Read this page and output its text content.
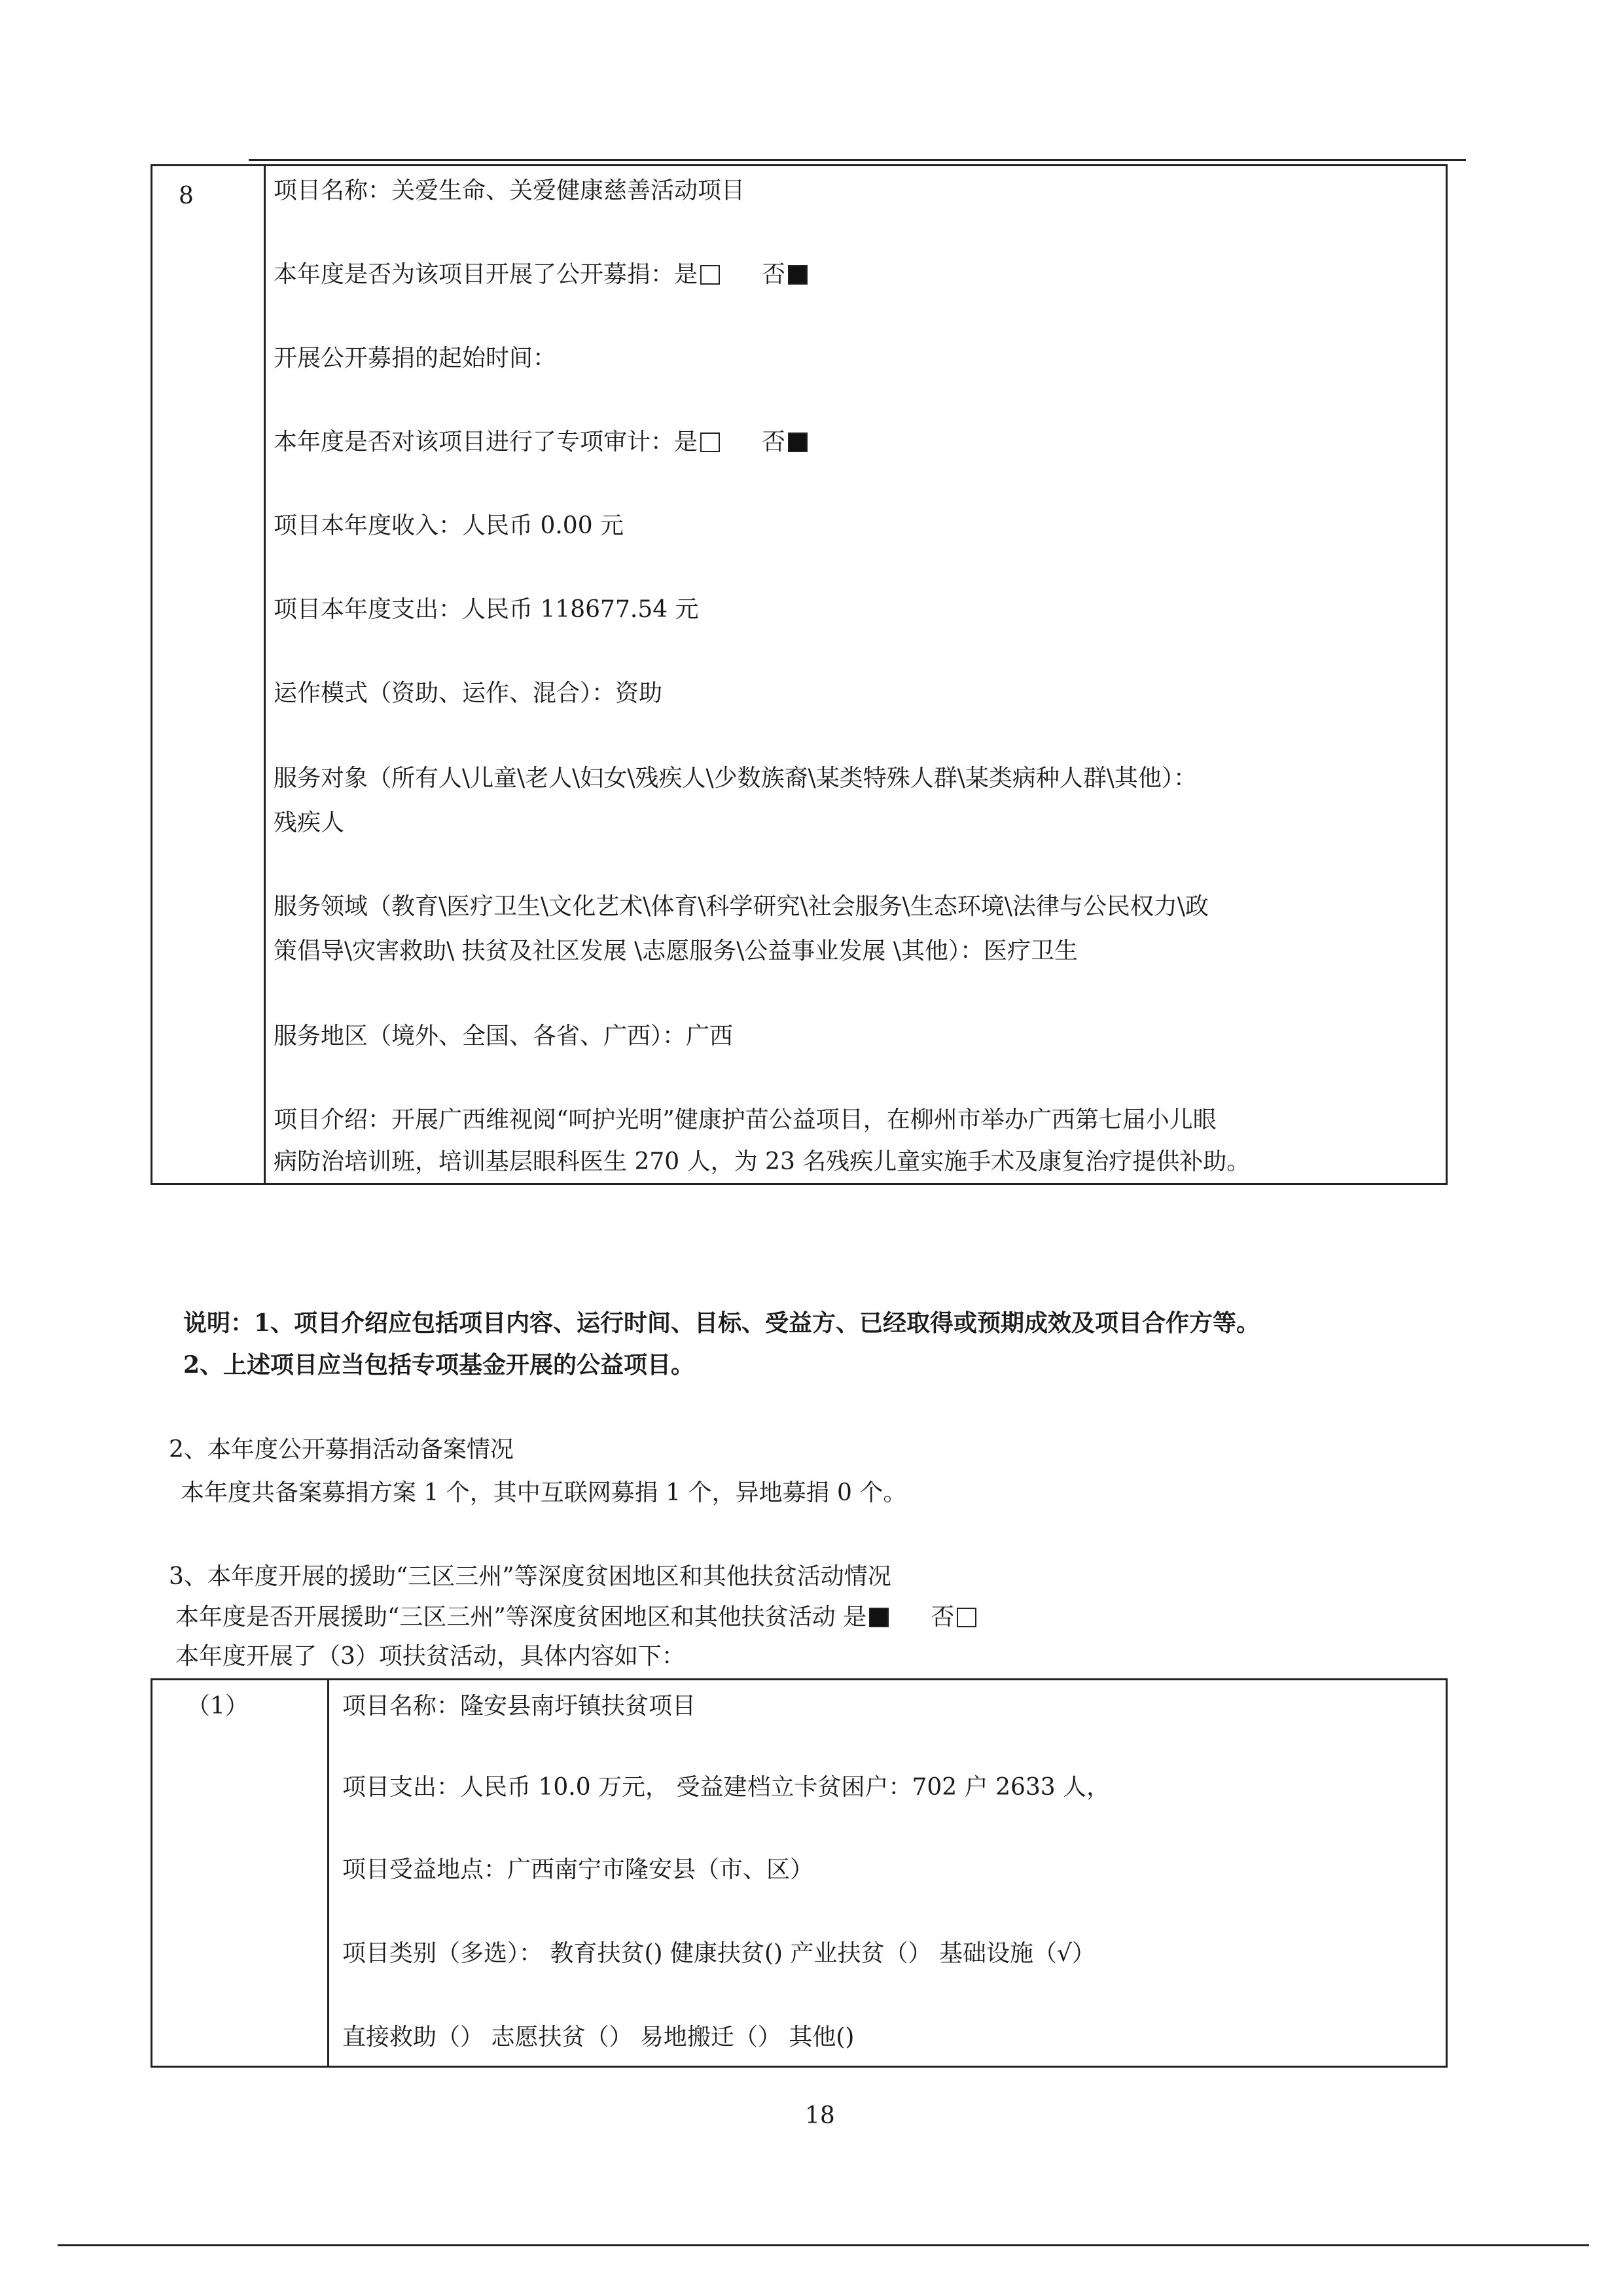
8	项目名称：关爱生命、关爱健康慈善活动项目
本年度是否为该项目开展了公开募捐：是	否
开展公开募捐的起始时间：
本年度是否对该项目进行了专项审计：是	否
项目本年度收入：人民币 0.00 元
项目本年度支出：人民币 118677.54 元
运作模式（资助、运作、混合）：资助
服务对象（所有人\儿童\老人\妇女\残疾人\少数族裔\某类特殊人群\某类病种人群\其他）：
残疾人
服务领域（教育\医疗卫生\文化艺术\体育\科学研究\社会服务\生态环境\法律与公民权力\政
策倡导\灾害救助\ 扶贫及社区发展 \志愿服务\公益事业发展 \其他）：医疗卫生
服务地区（境外、全国、各省、广西）：广西
项目介绍：开展广西维视阅“呵护光明”健康护苗公益项目，在柳州市举办广西第七届小儿眼
病防治培训班，培训基层眼科医生 270 人，为 23 名残疾儿童实施手术及康复治疗提供补助。
说明：1、项目介绍应包括项目内容、运行时间、目标、受益方、已经取得或预期成效及项目合作方等。
2、上述项目应当包括专项基金开展的公益项目。
2、本年度公开募捐活动备案情况
本年度共备案募捐方案 1 个，其中互联网募捐 1 个，异地募捐 0 个。
3、本年度开展的援助“三区三州”等深度贫困地区和其他扶贫活动情况
本年度是否开展援助“三区三州”等深度贫困地区和其他扶贫活动 是	否
本年度开展了（3）项扶贫活动，具体内容如下：
（1）	项目名称：隆安县南圩镇扶贫项目
项目支出：人民币 10.0 万元， 受益建档立卡贫困户：702 户 2633 人，
项目受益地点：广西南宁市隆安县（市、区）
项目类别（多选）： 教育扶贫() 健康扶贫() 产业扶贫（） 基础设施（√）
直接救助（） 志愿扶贫（） 易地搬迁（） 其他()
18
